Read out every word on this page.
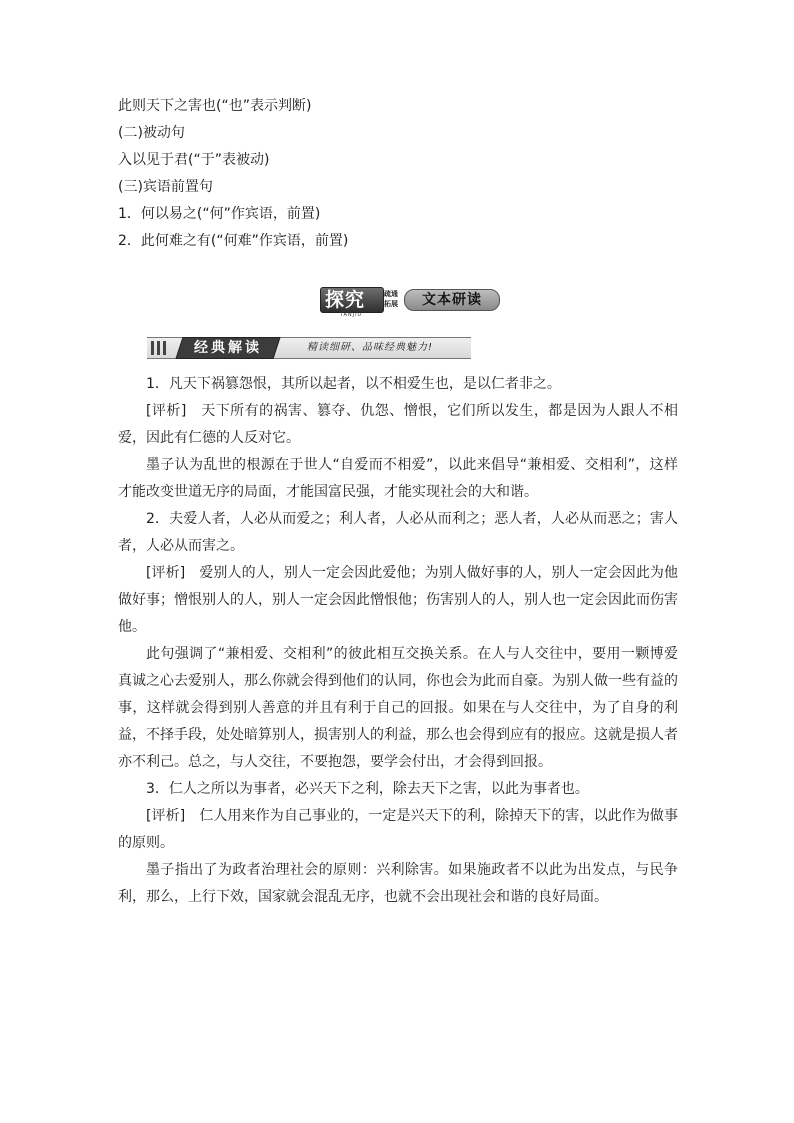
此则天下之害也(“也”表示判断)
(二)被动句
入以见于君(“于”表被动)
(三)宾语前置句
1．何以易之(“何”作宾语，前置)
2．此何难之有(“何难”作宾语，前置)
探究
TANJIU
疏通
拓展	文本研读
经典解读	精读细研、品味经典魅力!
1．凡天下祸篡怨恨，其所以起者，以不相爱生也，是以仁者非之。
[评析]　天下所有的祸害、篡夺、仇怨、憎恨，它们所以发生，都是因为人跟人不相爱，因此有仁德的人反对它。
墨子认为乱世的根源在于世人“自爱而不相爱”，以此来倡导“兼相爱、交相利”，这样才能改变世道无序的局面，才能国富民强，才能实现社会的大和谐。
2．夫爱人者，人必从而爱之；利人者，人必从而利之；恶人者，人必从而恶之；害人者，人必从而害之。
[评析]　爱别人的人，别人一定会因此爱他；为别人做好事的人，别人一定会因此为他做好事；憎恨别人的人，别人一定会因此憎恨他；伤害别人的人，别人也一定会因此而伤害他。
此句强调了“兼相爱、交相利”的彼此相互交换关系。在人与人交往中，要用一颗博爱真诚之心去爱别人，那么你就会得到他们的认同，你也会为此而自豪。为别人做一些有益的事，这样就会得到别人善意的并且有利于自己的回报。如果在与人交往中，为了自身的利益，不择手段，处处暗算别人，损害别人的利益，那么也会得到应有的报应。这就是损人者亦不利己。总之，与人交往，不要抱怨，要学会付出，才会得到回报。
3．仁人之所以为事者，必兴天下之利，除去天下之害，以此为事者也。
[评析]　仁人用来作为自己事业的，一定是兴天下的利，除掉天下的害，以此作为做事的原则。
墨子指出了为政者治理社会的原则：兴利除害。如果施政者不以此为出发点，与民争利，那么，上行下效，国家就会混乱无序，也就不会出现社会和谐的良好局面。
